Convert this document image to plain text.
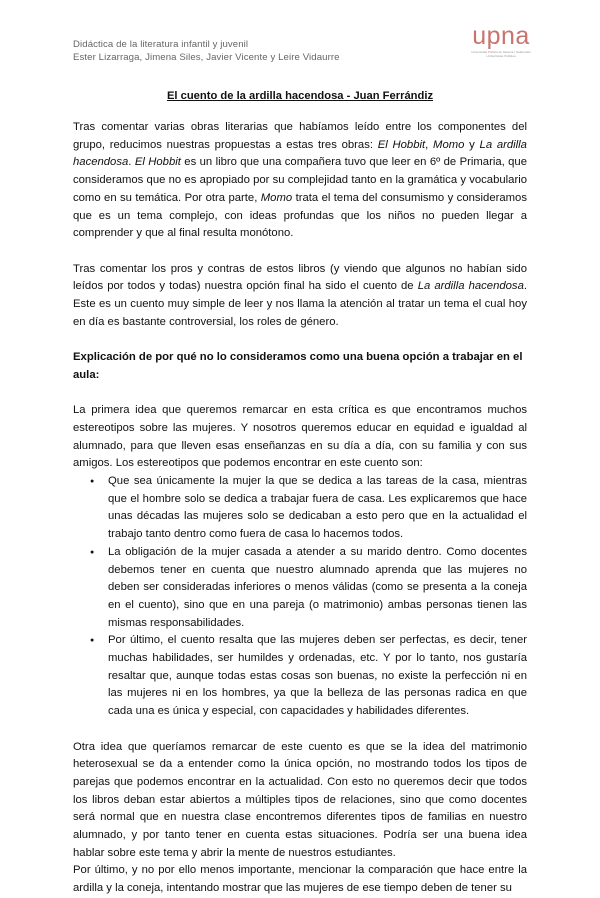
Didáctica de la literatura infantil y juvenil
Ester Lizarraga, Jimena Siles, Javier Vicente y Leire Vidaurre
upna
Universidad Pública de Navarra / Nafarroako Unibertsitate Publikoa
El cuento de la ardilla hacendosa - Juan Ferrándiz

Tras comentar varias obras literarias que habíamos leído entre los componentes del grupo, reducimos nuestras propuestas a estas tres obras: El Hobbit, Momo y La ardilla hacendosa. El Hobbit es un libro que una compañera tuvo que leer en 6º de Primaria, que consideramos que no es apropiado por su complejidad tanto en la gramática y vocabulario como en su temática. Por otra parte, Momo trata el tema del consumismo y consideramos que es un tema complejo, con ideas profundas que los niños no pueden llegar a comprender y que al final resulta monótono.

Tras comentar los pros y contras de estos libros (y viendo que algunos no habían sido leídos por todos y todas) nuestra opción final ha sido el cuento de La ardilla hacendosa. Este es un cuento muy simple de leer y nos llama la atención al tratar un tema el cual hoy en día es bastante controversial, los roles de género.

Explicación de por qué no lo consideramos como una buena opción a trabajar en el aula:

La primera idea que queremos remarcar en esta crítica es que encontramos muchos estereotipos sobre las mujeres. Y nosotros queremos educar en equidad e igualdad al alumnado, para que lleven esas enseñanzas en su día a día, con su familia y con sus amigos. Los estereotipos que podemos encontrar en este cuento son:

● Que sea únicamente la mujer la que se dedica a las tareas de la casa, mientras que el hombre solo se dedica a trabajar fuera de casa. Les explicaremos que hace unas décadas las mujeres solo se dedicaban a esto pero que en la actualidad el trabajo tanto dentro como fuera de casa lo hacemos todos.
● La obligación de la mujer casada a atender a su marido dentro. Como docentes debemos tener en cuenta que nuestro alumnado aprenda que las mujeres no deben ser consideradas inferiores o menos válidas (como se presenta a la coneja en el cuento), sino que en una pareja (o matrimonio) ambas personas tienen las mismas responsabilidades.
● Por último, el cuento resalta que las mujeres deben ser perfectas, es decir, tener muchas habilidades, ser humildes y ordenadas, etc. Y por lo tanto, nos gustaría resaltar que, aunque todas estas cosas son buenas, no existe la perfección ni en las mujeres ni en los hombres, ya que la belleza de las personas radica en que cada una es única y especial, con capacidades y habilidades diferentes.

Otra idea que queríamos remarcar de este cuento es que se la idea del matrimonio heterosexual se da a entender como la única opción, no mostrando todos los tipos de parejas que podemos encontrar en la actualidad. Con esto no queremos decir que todos los libros deban estar abiertos a múltiples tipos de relaciones, sino que como docentes será normal que en nuestra clase encontremos diferentes tipos de familias en nuestro alumnado, y por tanto tener en cuenta estas situaciones. Podría ser una buena idea hablar sobre este tema y abrir la mente de nuestros estudiantes.

Por último, y no por ello menos importante, mencionar la comparación que hace entre la ardilla y la coneja, intentando mostrar que las mujeres de ese tiempo deben de tener su
